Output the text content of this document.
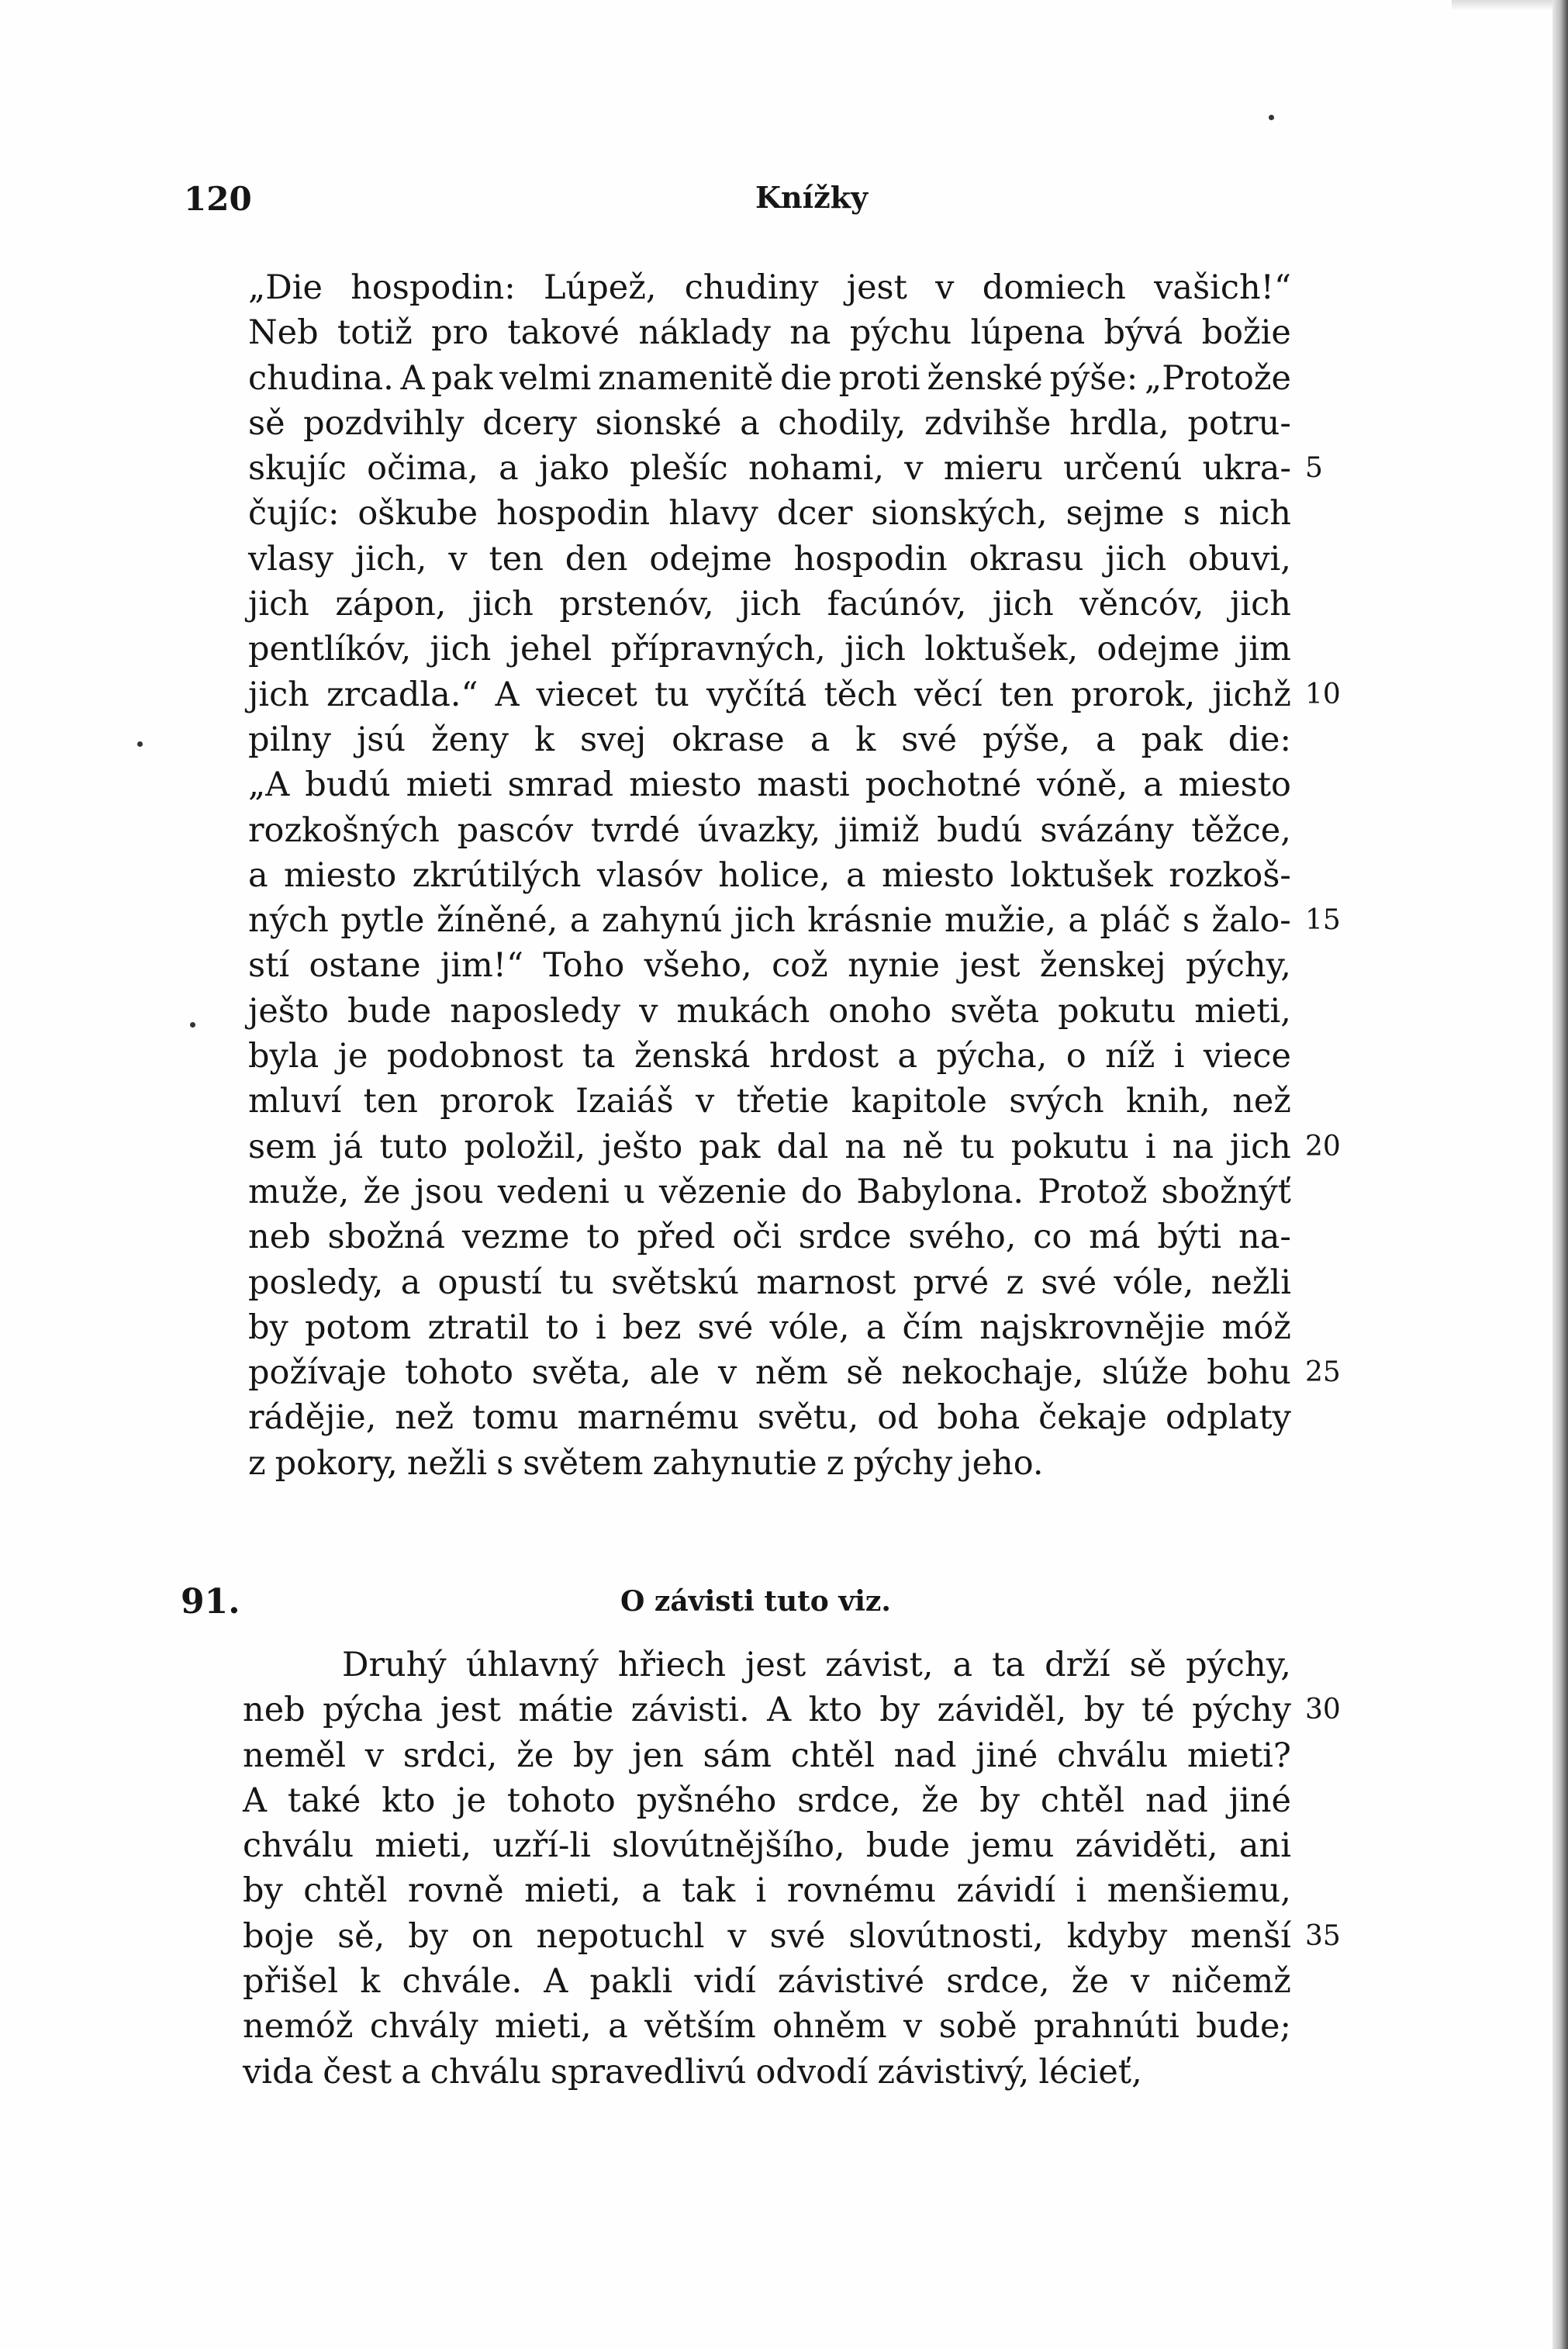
120	Knížky
„Die hospodin: Lúpež, chudiny jest v domiech vašich!“
Neb totiž pro takové náklady na pýchu lúpena bývá božie
chudina. A pak velmi znamenitě die proti ženské pýše: „Protože
sě pozdvihly dcery sionské a chodily, zdvihše hrdla, potru-
skujíc očima, a jako plešíc nohami, v mieru určenú ukra-
čujíc: oškube hospodin hlavy dcer sionských, sejme s nich
vlasy jich, v ten den odejme hospodin okrasu jich obuvi,
jich zápon, jich prstenóv, jich facúnóv, jich věncóv, jich
pentlíkóv, jich jehel přípravných, jich loktušek, odejme jim
jich zrcadla.“ A viecet tu vyčítá těch věcí ten prorok, jichž
pilny jsú ženy k svej okrase a k své pýše, a pak die:
„A budú mieti smrad miesto masti pochotné vóně, a miesto
rozkošných pascóv tvrdé úvazky, jimiž budú svázány těžce,
a miesto zkrútilých vlasóv holice, a miesto loktušek rozkoš-
ných pytle žíněné, a zahynú jich krásnie mužie, a pláč s žalo-
stí ostane jim!“ Toho všeho, což nynie jest ženskej pýchy,
ješto bude naposledy v mukách onoho světa pokutu mieti,
byla je podobnost ta ženská hrdost a pýcha, o níž i viece
mluví ten prorok Izaiáš v třetie kapitole svých knih, než
sem já tuto položil, ješto pak dal na ně tu pokutu i na jich
muže, že jsou vedeni u vězenie do Babylona. Protož sbožnýť
neb sbožná vezme to před oči srdce svého, co má býti na-
posledy, a opustí tu světskú marnost prvé z své vóle, nežli
by potom ztratil to i bez své vóle, a čím najskrovnějie móž
požívaje tohoto světa, ale v něm sě nekochaje, slúže bohu
rádějie, než tomu marnému světu, od boha čekaje odplaty
z pokory, nežli s světem zahynutie z pýchy jeho.
91.	O závisti tuto viz.
Druhý úhlavný hřiech jest závist, a ta drží sě pýchy,
neb pýcha jest mátie závisti. A kto by záviděl, by té pýchy
neměl v srdci, že by jen sám chtěl nad jiné chválu mieti?
A také kto je tohoto pyšného srdce, že by chtěl nad jiné
chválu mieti, uzří-li slovútnějšího, bude jemu záviděti, ani
by chtěl rovně mieti, a tak i rovnému závidí i menšiemu,
boje sě, by on nepotuchl v své slovútnosti, kdyby menší
přišel k chvále. A pakli vidí závistivé srdce, že v ničemž
nemóž chvály mieti, a větším ohněm v sobě prahnúti bude;
vida čest a chválu spravedlivú odvodí závistivý, lécieť,
5
10
15
20
25
30
35
